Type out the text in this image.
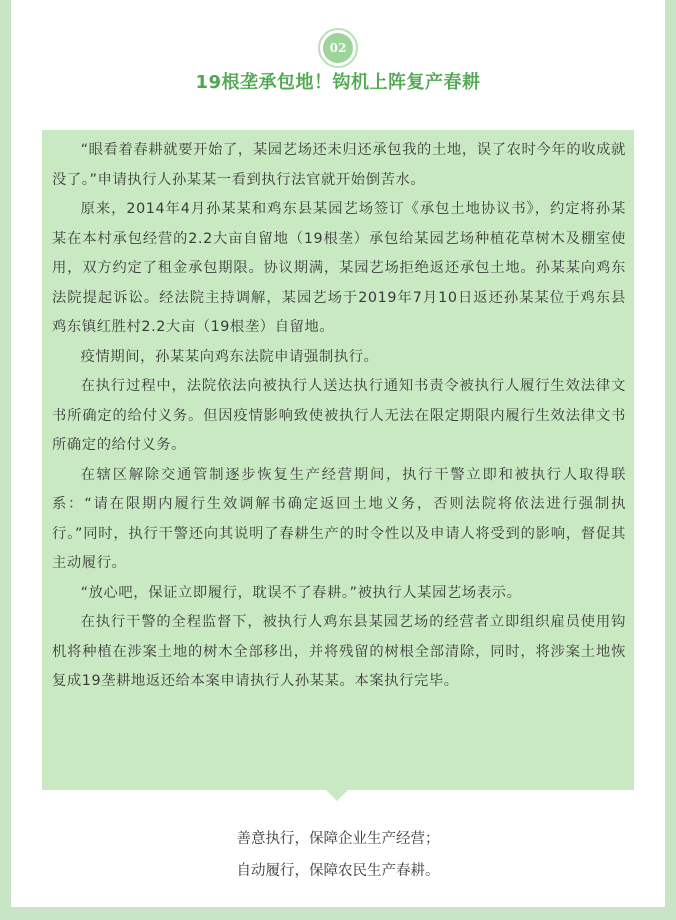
02
19根垄承包地！钩机上阵复产春耕

“眼看着春耕就要开始了，某园艺场还未归还承包我的土地，误了农时今年的收成就没了。”申请执行人孙某某一看到执行法官就开始倒苦水。

原来，2014年4月孙某某和鸡东县某园艺场签订《承包土地协议书》，约定将孙某某在本村承包经营的2.2大亩自留地（19根垄）承包给某园艺场种植花草树木及棚室使用，双方约定了租金承包期限。协议期满，某园艺场拒绝返还承包土地。孙某某向鸡东法院提起诉讼。经法院主持调解，某园艺场于2019年7月10日返还孙某某位于鸡东县鸡东镇红胜村2.2大亩（19根垄）自留地。

疫情期间，孙某某向鸡东法院申请强制执行。

在执行过程中，法院依法向被执行人送达执行通知书责令被执行人履行生效法律文书所确定的给付义务。但因疫情影响致使被执行人无法在限定期限内履行生效法律文书所确定的给付义务。

在辖区解除交通管制逐步恢复生产经营期间，执行干警立即和被执行人取得联系：“请在限期内履行生效调解书确定返回土地义务，否则法院将依法进行强制执行。”同时，执行干警还向其说明了春耕生产的时令性以及申请人将受到的影响，督促其主动履行。

“放心吧，保证立即履行，耽误不了春耕。”被执行人某园艺场表示。

在执行干警的全程监督下，被执行人鸡东县某园艺场的经营者立即组织雇员使用钩机将种植在涉案土地的树木全部移出，并将残留的树根全部清除，同时，将涉案土地恢复成19垄耕地返还给本案申请执行人孙某某。本案执行完毕。

善意执行，保障企业生产经营；
自动履行，保障农民生产春耕。
